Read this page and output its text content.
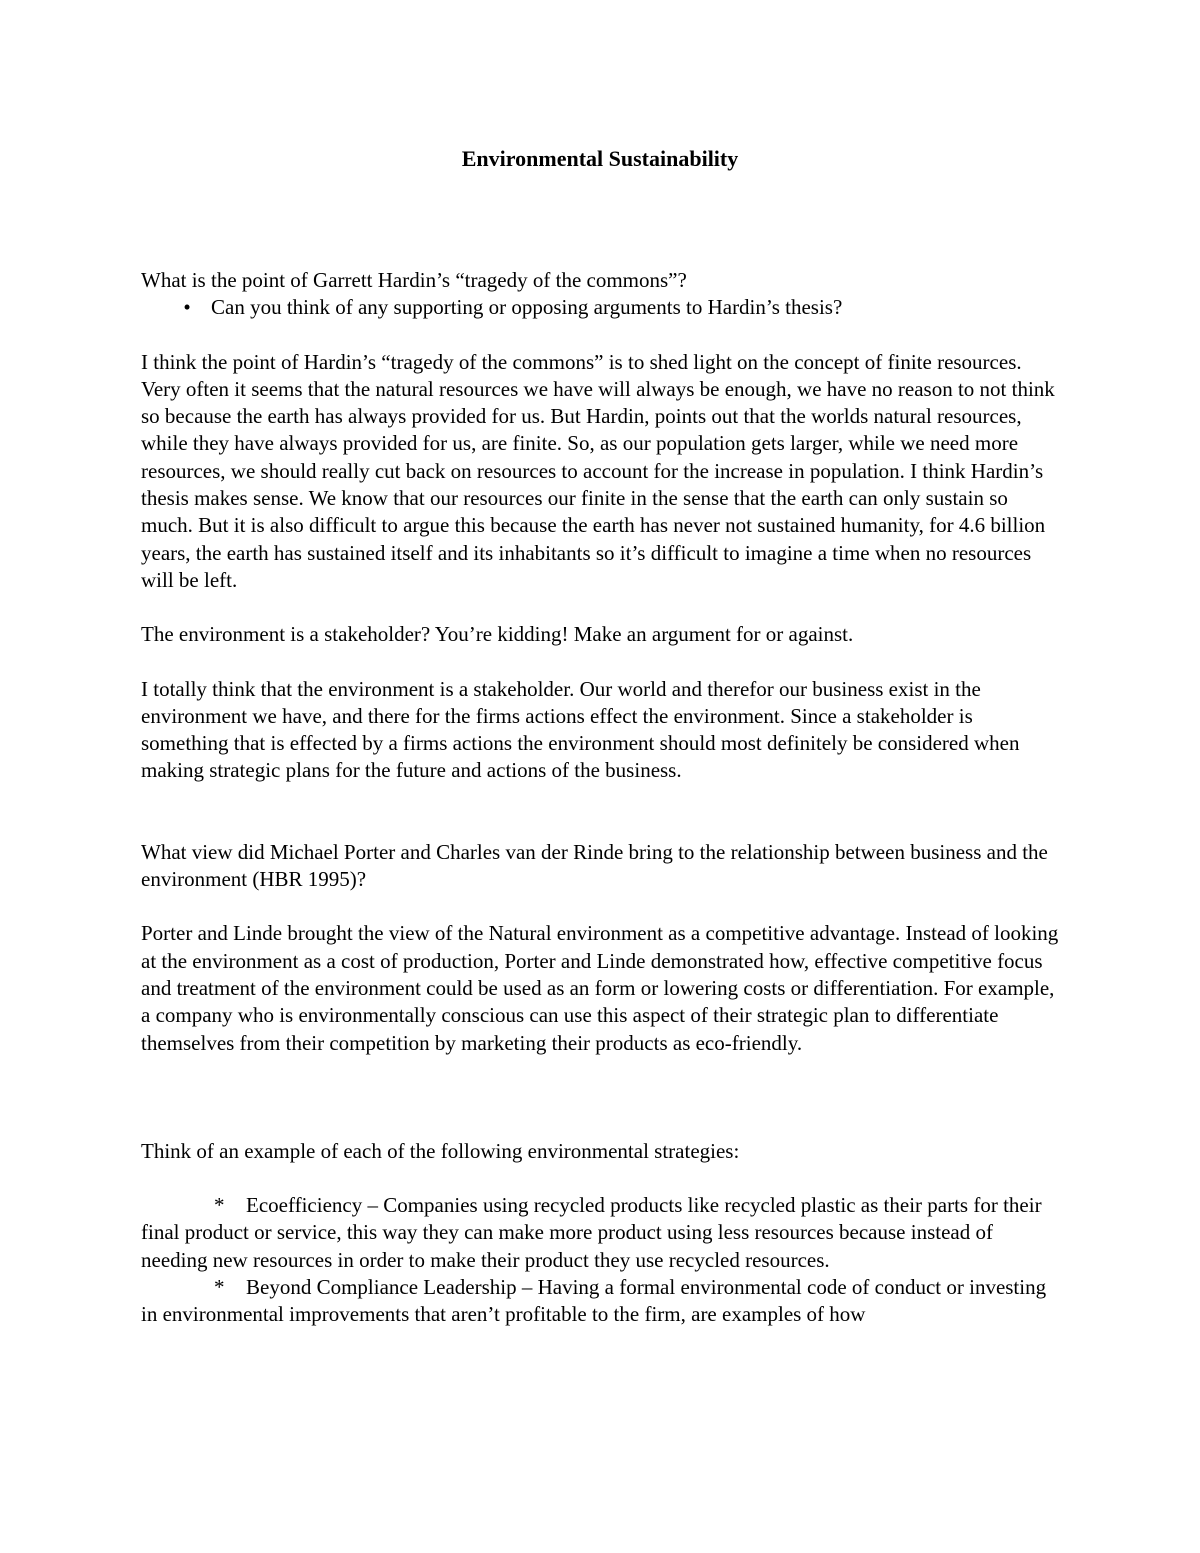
Environmental Sustainability

What is the point of Garrett Hardin’s “tragedy of the commons”?

• Can you think of any supporting or opposing arguments to Hardin’s thesis?

I think the point of Hardin’s “tragedy of the commons” is to shed light on the concept of finite resources. Very often it seems that the natural resources we have will always be enough, we have no reason to not think so because the earth has always provided for us. But Hardin, points out that the worlds natural resources, while they have always provided for us, are finite. So, as our population gets larger, while we need more resources, we should really cut back on resources to account for the increase in population. I think Hardin’s thesis makes sense. We know that our resources our finite in the sense that the earth can only sustain so much. But it is also difficult to argue this because the earth has never not sustained humanity, for 4.6 billion years, the earth has sustained itself and its inhabitants so it’s difficult to imagine a time when no resources will be left.

The environment is a stakeholder? You’re kidding! Make an argument for or against.

I totally think that the environment is a stakeholder. Our world and therefor our business exist in the environment we have, and there for the firms actions effect the environment. Since a stakeholder is something that is effected by a firms actions the environment should most definitely be considered when making strategic plans for the future and actions of the business.

What view did Michael Porter and Charles van der Rinde bring to the relationship between business and the environment (HBR 1995)?

Porter and Linde brought the view of the Natural environment as a competitive advantage. Instead of looking at the environment as a cost of production, Porter and Linde demonstrated how, effective competitive focus and treatment of the environment could be used as an form or lowering costs or differentiation. For example, a company who is environmentally conscious can use this aspect of their strategic plan to differentiate themselves from their competition by marketing their products as eco-friendly.

Think of an example of each of the following environmental strategies:

* Ecoefficiency – Companies using recycled products like recycled plastic as their parts for their final product or service, this way they can make more product using less resources because instead of needing new resources in order to make their product they use recycled resources.

* Beyond Compliance Leadership – Having a formal environmental code of conduct or investing in environmental improvements that aren’t profitable to the firm, are examples of how
